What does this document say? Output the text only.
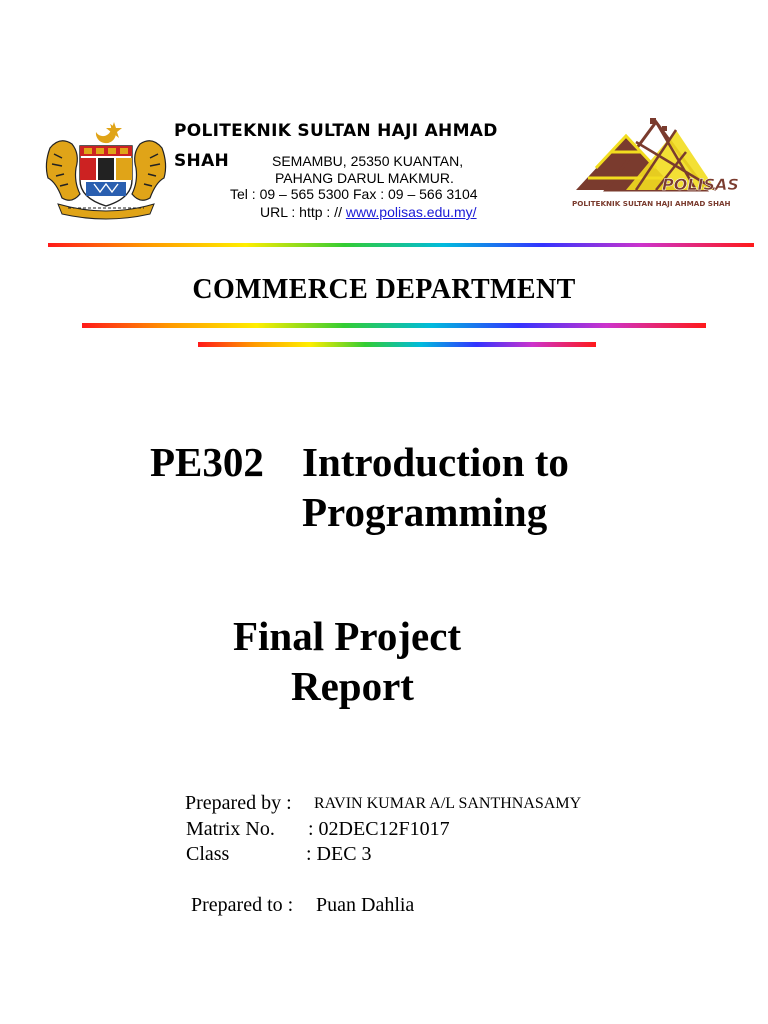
POLITEKNIK SULTAN HAJI AHMAD
SHAH	SEMAMBU, 25350 KUANTAN,
PAHANG DARUL MAKMUR.
Tel : 09 – 565 5300 Fax : 09 – 566 3104
URL : http : // www.polisas.edu.my/
POLISAS
POLITEKNIK SULTAN HAJI AHMAD SHAH
COMMERCE DEPARTMENT
PE302 Introduction to
Programming
Final Project
Report
Prepared by : RAVIN KUMAR A/L SANTHNASAMY
Matrix No. : 02DEC12F1017
Class	: DEC 3
Prepared to : Puan Dahlia
